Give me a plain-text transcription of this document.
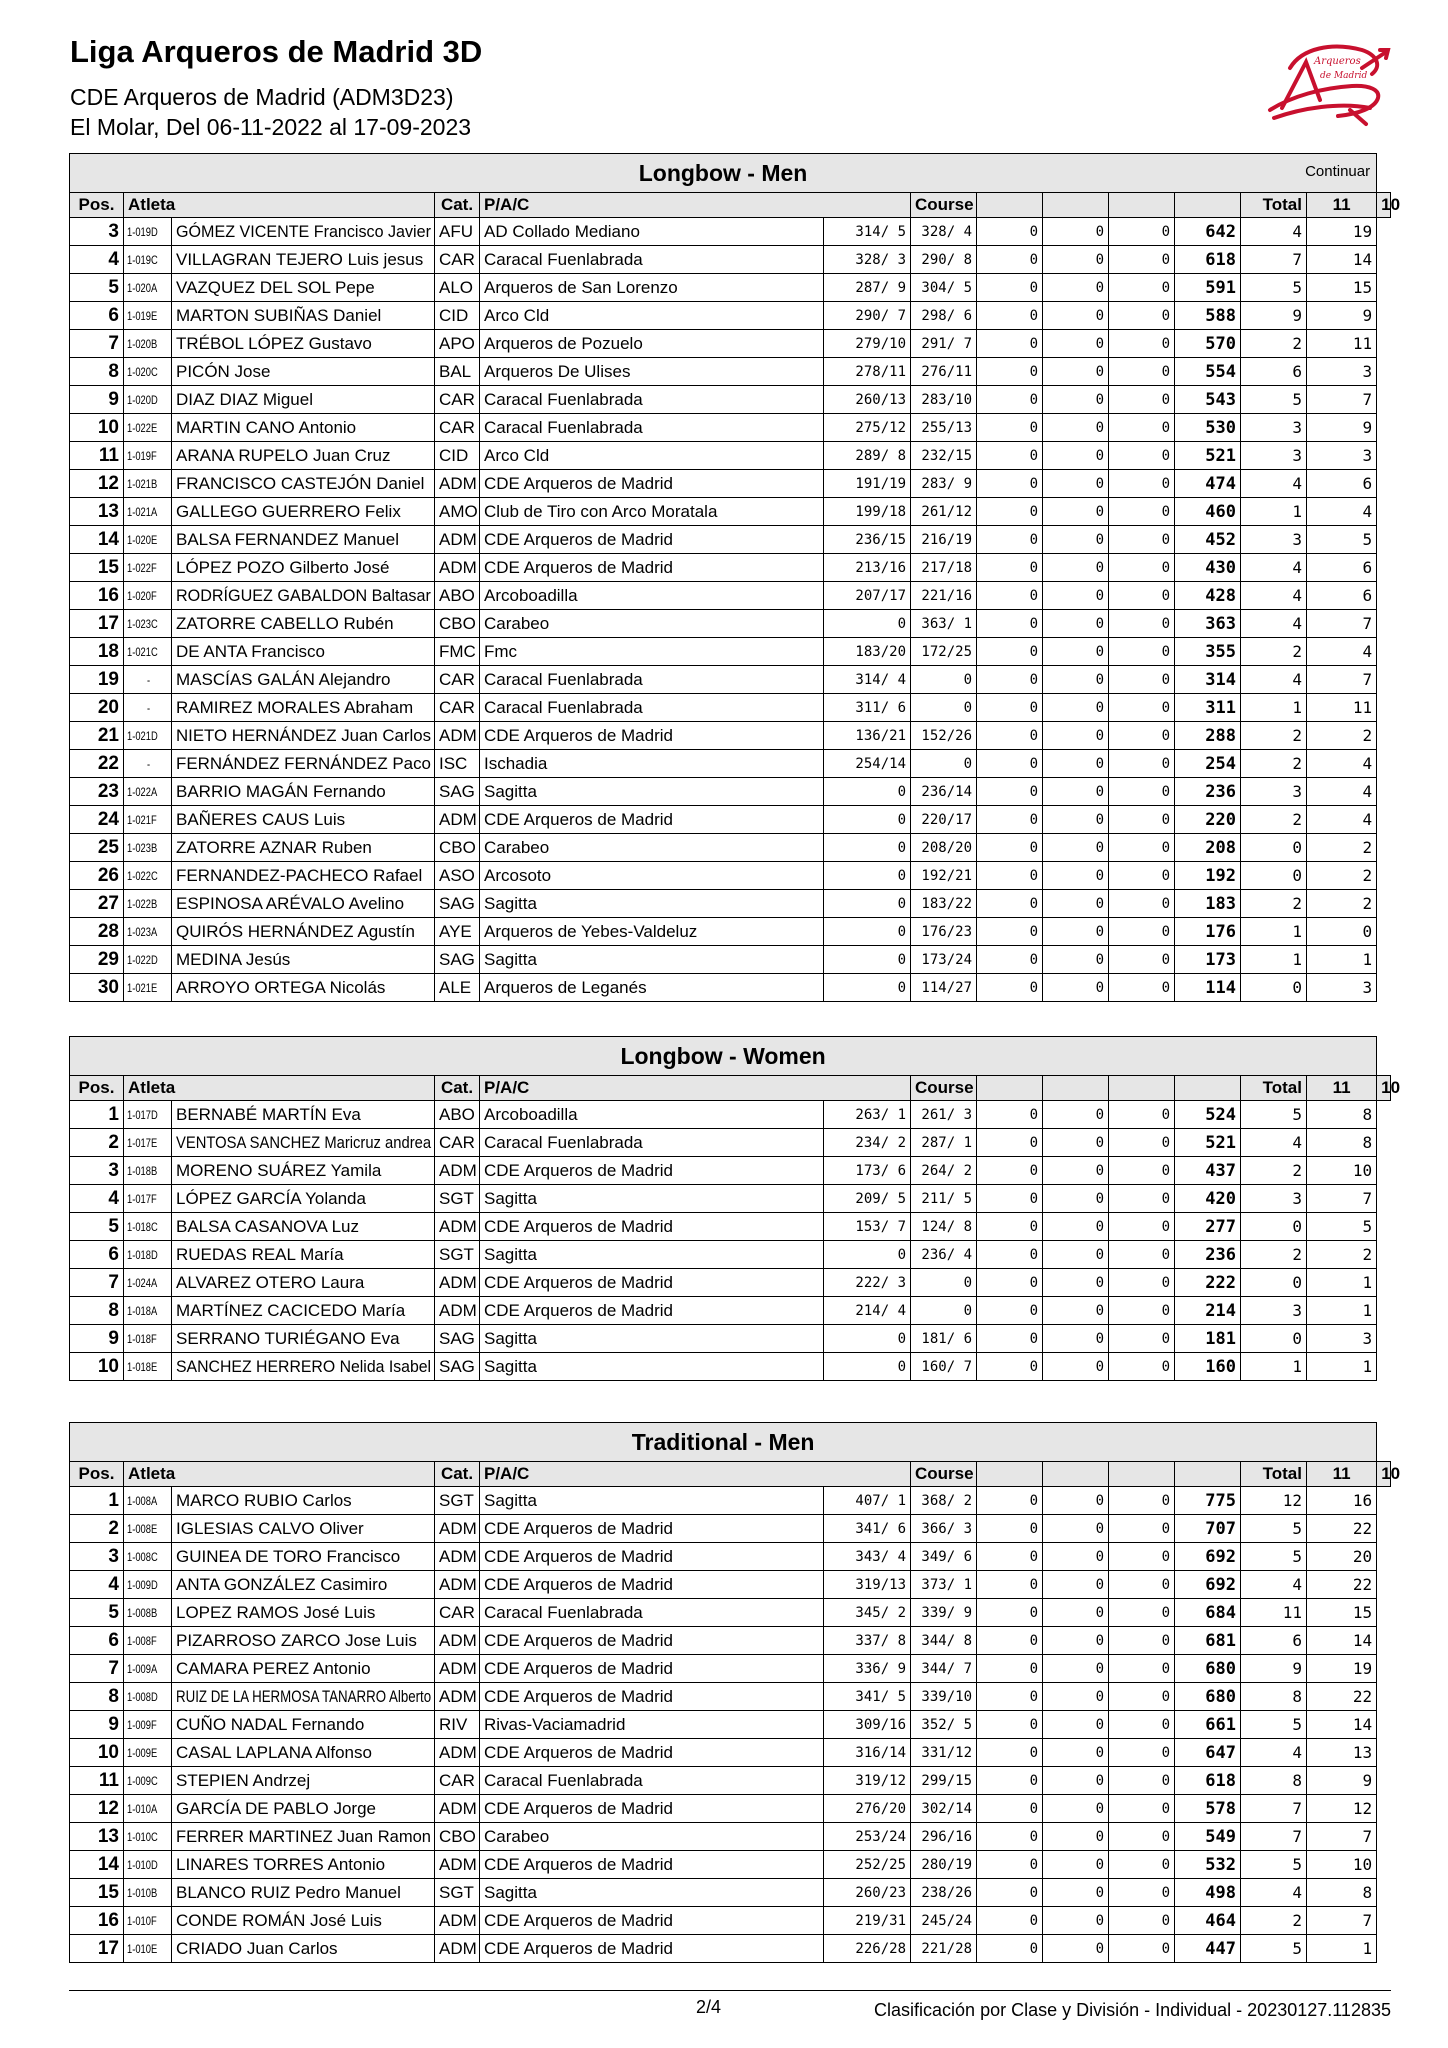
Liga Arqueros de Madrid 3D
CDE Arqueros de Madrid (ADM3D23)
El Molar, Del 06-11-2022 al 17-09-2023
Arqueros
de Madrid
Longbow - Men Continuar													

Pos.	Atleta		Cat.	P/A/C		Course					Total	11	10
3	1-019D	GÓMEZ VICENTE Francisco Javier	AFU	AD Collado Mediano	314/ 5	328/ 4	0	0	0	642	4	19	
4	1-019C	VILLAGRAN TEJERO Luis jesus	CAR	Caracal Fuenlabrada	328/ 3	290/ 8	0	0	0	618	7	14	
5	1-020A	VAZQUEZ DEL SOL Pepe	ALO	Arqueros de San Lorenzo	287/ 9	304/ 5	0	0	0	591	5	15	
6	1-019E	MARTON SUBIÑAS Daniel	CID	Arco Cld	290/ 7	298/ 6	0	0	0	588	9	9	
7	1-020B	TRÉBOL LÓPEZ Gustavo	APO	Arqueros de Pozuelo	279/10	291/ 7	0	0	0	570	2	11	
8	1-020C	PICÓN Jose	BAL	Arqueros De Ulises	278/11	276/11	0	0	0	554	6	3	
9	1-020D	DIAZ DIAZ Miguel	CAR	Caracal Fuenlabrada	260/13	283/10	0	0	0	543	5	7	
10	1-022E	MARTIN CANO Antonio	CAR	Caracal Fuenlabrada	275/12	255/13	0	0	0	530	3	9	
11	1-019F	ARANA RUPELO Juan Cruz	CID	Arco Cld	289/ 8	232/15	0	0	0	521	3	3	
12	1-021B	FRANCISCO CASTEJÓN Daniel	ADM	CDE Arqueros de Madrid	191/19	283/ 9	0	0	0	474	4	6	
13	1-021A	GALLEGO GUERRERO Felix	AMO	Club de Tiro con Arco Moratala	199/18	261/12	0	0	0	460	1	4	
14	1-020E	BALSA FERNANDEZ Manuel	ADM	CDE Arqueros de Madrid	236/15	216/19	0	0	0	452	3	5	
15	1-022F	LÓPEZ POZO Gilberto José	ADM	CDE Arqueros de Madrid	213/16	217/18	0	0	0	430	4	6	
16	1-020F	RODRÍGUEZ GABALDON Baltasar	ABO	Arcoboadilla	207/17	221/16	0	0	0	428	4	6	
17	1-023C	ZATORRE CABELLO Rubén	CBO	Carabeo	0	363/ 1	0	0	0	363	4	7	
18	1-021C	DE ANTA Francisco	FMC	Fmc	183/20	172/25	0	0	0	355	2	4	
19	-	MASCÍAS GALÁN Alejandro	CAR	Caracal Fuenlabrada	314/ 4	0	0	0	0	314	4	7	
20	-	RAMIREZ MORALES Abraham	CAR	Caracal Fuenlabrada	311/ 6	0	0	0	0	311	1	11	
21	1-021D	NIETO HERNÁNDEZ Juan Carlos	ADM	CDE Arqueros de Madrid	136/21	152/26	0	0	0	288	2	2	
22	-	FERNÁNDEZ FERNÁNDEZ Paco	ISC	Ischadia	254/14	0	0	0	0	254	2	4	
23	1-022A	BARRIO MAGÁN Fernando	SAG	Sagitta	0	236/14	0	0	0	236	3	4	
24	1-021F	BAÑERES CAUS Luis	ADM	CDE Arqueros de Madrid	0	220/17	0	0	0	220	2	4	
25	1-023B	ZATORRE AZNAR Ruben	CBO	Carabeo	0	208/20	0	0	0	208	0	2	
26	1-022C	FERNANDEZ-PACHECO Rafael	ASO	Arcosoto	0	192/21	0	0	0	192	0	2	
27	1-022B	ESPINOSA ARÉVALO Avelino	SAG	Sagitta	0	183/22	0	0	0	183	2	2	
28	1-023A	QUIRÓS HERNÁNDEZ Agustín	AYE	Arqueros de Yebes-Valdeluz	0	176/23	0	0	0	176	1	0	
29	1-022D	MEDINA Jesús	SAG	Sagitta	0	173/24	0	0	0	173	1	1	
30	1-021E	ARROYO ORTEGA Nicolás	ALE	Arqueros de Leganés	0	114/27	0	0	0	114	0	3	
Longbow - Women													

Pos.	Atleta		Cat.	P/A/C		Course					Total	11	10
1	1-017D	BERNABÉ MARTÍN Eva	ABO	Arcoboadilla	263/ 1	261/ 3	0	0	0	524	5	8	
2	1-017E	VENTOSA SANCHEZ Maricruz andrea	CAR	Caracal Fuenlabrada	234/ 2	287/ 1	0	0	0	521	4	8	
3	1-018B	MORENO SUÁREZ Yamila	ADM	CDE Arqueros de Madrid	173/ 6	264/ 2	0	0	0	437	2	10	
4	1-017F	LÓPEZ GARCÍA Yolanda	SGT	Sagitta	209/ 5	211/ 5	0	0	0	420	3	7	
5	1-018C	BALSA CASANOVA Luz	ADM	CDE Arqueros de Madrid	153/ 7	124/ 8	0	0	0	277	0	5	
6	1-018D	RUEDAS REAL María	SGT	Sagitta	0	236/ 4	0	0	0	236	2	2	
7	1-024A	ALVAREZ OTERO Laura	ADM	CDE Arqueros de Madrid	222/ 3	0	0	0	0	222	0	1	
8	1-018A	MARTÍNEZ CACICEDO María	ADM	CDE Arqueros de Madrid	214/ 4	0	0	0	0	214	3	1	
9	1-018F	SERRANO TURIÉGANO Eva	SAG	Sagitta	0	181/ 6	0	0	0	181	0	3	
10	1-018E	SANCHEZ HERRERO Nelida Isabel	SAG	Sagitta	0	160/ 7	0	0	0	160	1	1	
Traditional - Men													

Pos.	Atleta		Cat.	P/A/C		Course					Total	11	10
1	1-008A	MARCO RUBIO Carlos	SGT	Sagitta	407/ 1	368/ 2	0	0	0	775	12	16	
2	1-008E	IGLESIAS CALVO Oliver	ADM	CDE Arqueros de Madrid	341/ 6	366/ 3	0	0	0	707	5	22	
3	1-008C	GUINEA DE TORO Francisco	ADM	CDE Arqueros de Madrid	343/ 4	349/ 6	0	0	0	692	5	20	
4	1-009D	ANTA GONZÁLEZ Casimiro	ADM	CDE Arqueros de Madrid	319/13	373/ 1	0	0	0	692	4	22	
5	1-008B	LOPEZ RAMOS José Luis	CAR	Caracal Fuenlabrada	345/ 2	339/ 9	0	0	0	684	11	15	
6	1-008F	PIZARROSO ZARCO Jose Luis	ADM	CDE Arqueros de Madrid	337/ 8	344/ 8	0	0	0	681	6	14	
7	1-009A	CAMARA PEREZ Antonio	ADM	CDE Arqueros de Madrid	336/ 9	344/ 7	0	0	0	680	9	19	
8	1-008D	RUIZ DE LA HERMOSA TANARRO Alberto	ADM	CDE Arqueros de Madrid	341/ 5	339/10	0	0	0	680	8	22	
9	1-009F	CUÑO NADAL Fernando	RIV	Rivas-Vaciamadrid	309/16	352/ 5	0	0	0	661	5	14	
10	1-009E	CASAL LAPLANA Alfonso	ADM	CDE Arqueros de Madrid	316/14	331/12	0	0	0	647	4	13	
11	1-009C	STEPIEN Andrzej	CAR	Caracal Fuenlabrada	319/12	299/15	0	0	0	618	8	9	
12	1-010A	GARCÍA DE PABLO Jorge	ADM	CDE Arqueros de Madrid	276/20	302/14	0	0	0	578	7	12	
13	1-010C	FERRER MARTINEZ Juan Ramon	CBO	Carabeo	253/24	296/16	0	0	0	549	7	7	
14	1-010D	LINARES TORRES Antonio	ADM	CDE Arqueros de Madrid	252/25	280/19	0	0	0	532	5	10	
15	1-010B	BLANCO RUIZ Pedro Manuel	SGT	Sagitta	260/23	238/26	0	0	0	498	4	8	
16	1-010F	CONDE ROMÁN José Luis	ADM	CDE Arqueros de Madrid	219/31	245/24	0	0	0	464	2	7	
17	1-010E	CRIADO Juan Carlos	ADM	CDE Arqueros de Madrid	226/28	221/28	0	0	0	447	5	1	
2/4	Clasificación por Clase y División - Individual - 20230127.112835
